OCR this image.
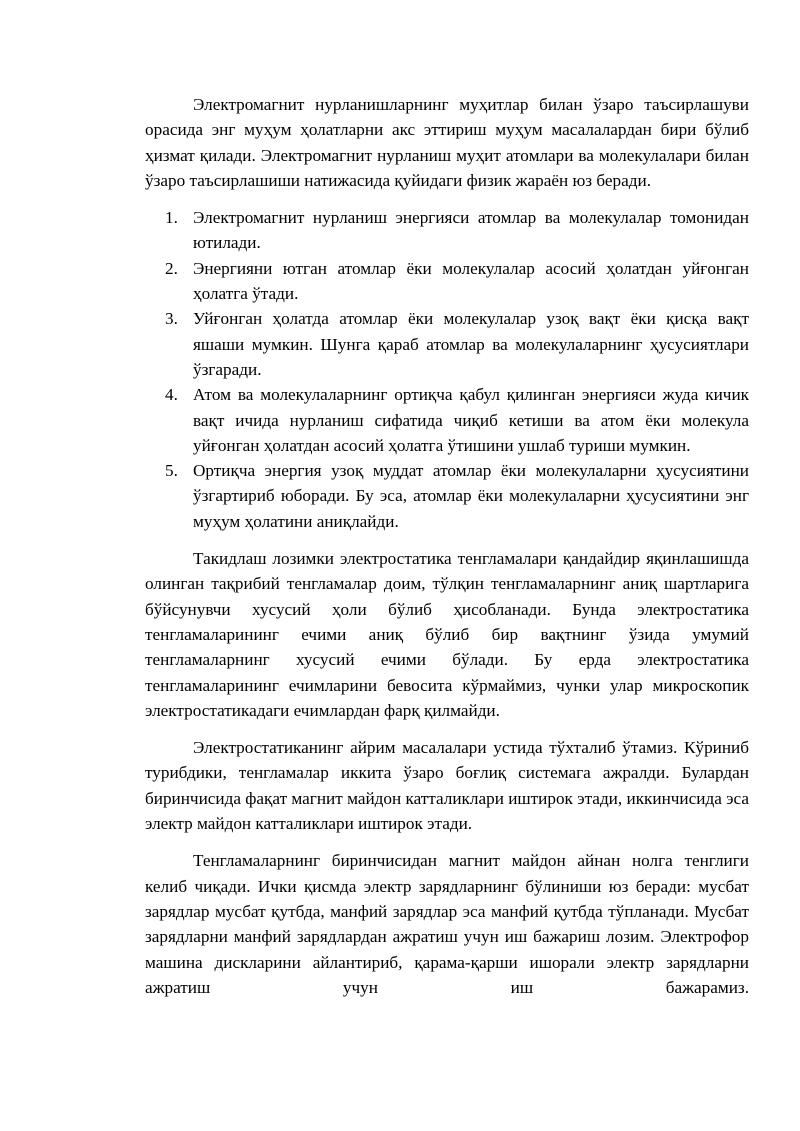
Электромагнит нурланишларнинг муҳитлар билан ўзаро таъсирлашуви орасида энг муҳум ҳолатларни акс эттириш муҳум масалалардан бири бўлиб ҳизмат қилади. Электромагнит нурланиш муҳит атомлари ва молекулалари билан ўзаро таъсирлашиши натижасида қуйидаги физик жараён юз беради.

1. Электромагнит нурланиш энергияси атомлар ва молекулалар томонидан ютилади.
2. Энергияни ютган атомлар ёки молекулалар асосий ҳолатдан уйғонган ҳолатга ўтади.
3. Уйғонган ҳолатда атомлар ёки молекулалар узоқ вақт ёки қисқа вақт яшаши мумкин. Шунга қараб атомлар ва молекулаларнинг ҳусусиятлари ўзгаради.
4. Атом ва молекулаларнинг ортиқча қабул қилинган энергияси жуда кичик вақт ичида нурланиш сифатида чиқиб кетиши ва атом ёки молекула уйғонган ҳолатдан асосий ҳолатга ўтишини ушлаб туриши мумкин.
5. Ортиқча энергия узоқ муддат атомлар ёки молекулаларни ҳусусиятини ўзгартириб юборади. Бу эса, атомлар ёки молекулаларни ҳусусиятини энг муҳум ҳолатини аниқлайди.

Такидлаш лозимки электростатика тенгламалари қандайдир яқинлашишда олинган тақрибий тенгламалар доим, тўлқин тенгламаларнинг аниқ шартларига бўйсунувчи хусусий ҳоли бўлиб ҳисобланади. Бунда электростатика тенгламаларининг ечими аниқ бўлиб бир вақтнинг ўзида умумий тенгламаларнинг хусусий ечими бўлади. Бу ерда электростатика тенгламаларининг ечимларини бевосита кўрмаймиз, чунки улар микроскопик электростатикадаги ечимлардан фарқ қилмайди.

Электростатиканинг айрим масалалари устида тўхталиб ўтамиз. Кўриниб турибдики, тенгламалар иккита ўзаро боғлиқ системага ажралди. Булардан биринчисида фақат магнит майдон катталиклари иштирок этади, иккинчисида эса электр майдон катталиклари иштирок этади.

Тенгламаларнинг биринчисидан магнит майдон айнан нолга тенглиги келиб чиқади. Ички қисмда электр зарядларнинг бўлиниши юз беради: мусбат зарядлар мусбат қутбда, манфий зарядлар эса манфий қутбда тўпланади. Мусбат зарядларни манфий зарядлардан ажратиш учун иш бажариш лозим. Электрофор машина дискларини айлантириб, қарама-қарши ишорали электр зарядларни ажратиш учун иш бажарамиз.
